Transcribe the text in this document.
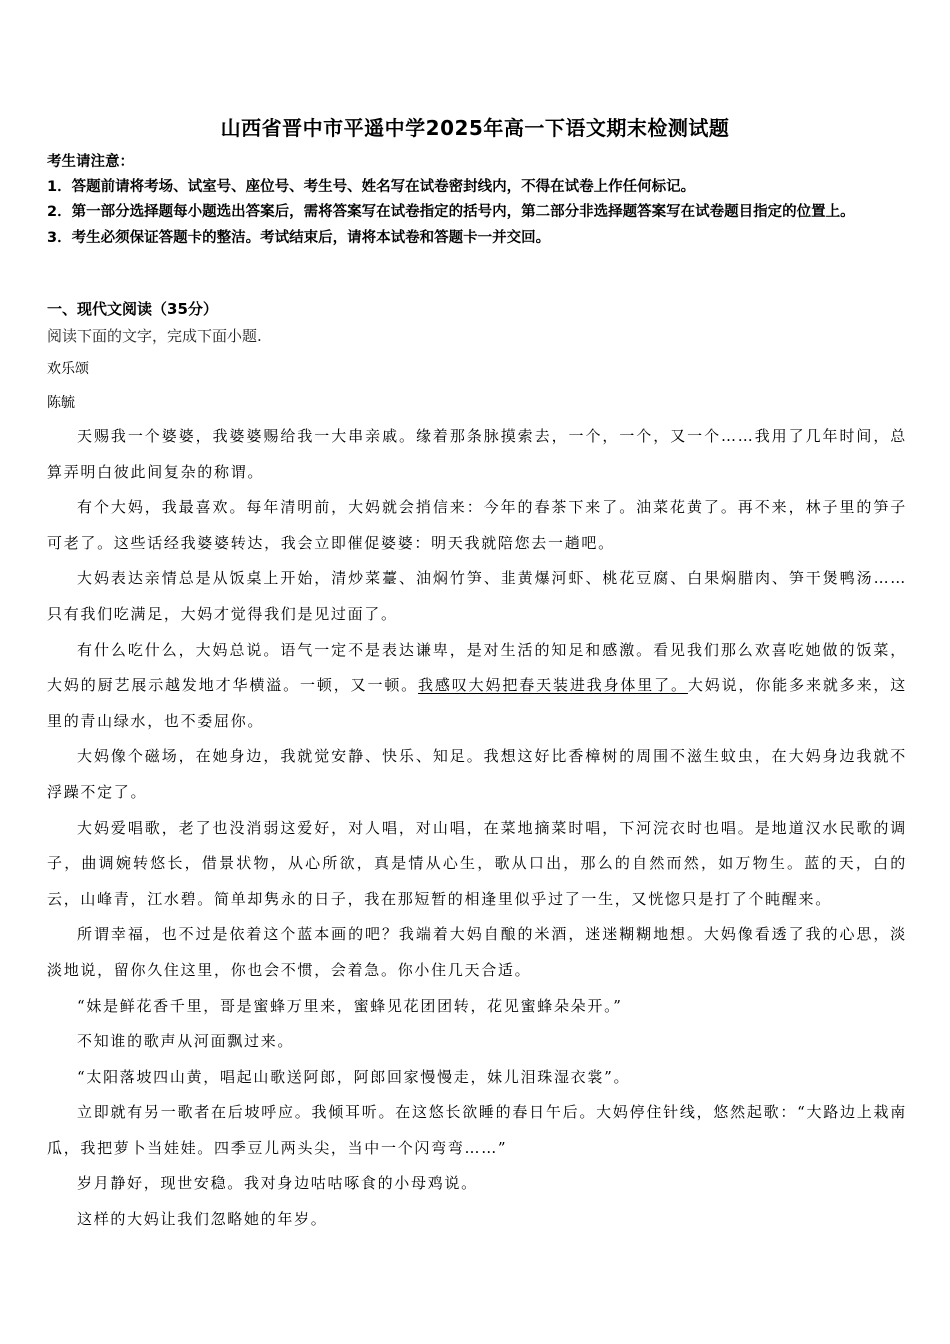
山西省晋中市平遥中学2025年高一下语文期末检测试题
考生请注意：
1．答题前请将考场、试室号、座位号、考生号、姓名写在试卷密封线内，不得在试卷上作任何标记。
2．第一部分选择题每小题选出答案后，需将答案写在试卷指定的括号内，第二部分非选择题答案写在试卷题目指定的位置上。
3．考生必须保证答题卡的整洁。考试结束后，请将本试卷和答题卡一并交回。
一、现代文阅读（35分）
阅读下面的文字，完成下面小题.
欢乐颂
陈毓

天赐我一个婆婆，我婆婆赐给我一大串亲戚。缘着那条脉摸索去，一个，一个，又一个……我用了几年时间，总算弄明白彼此间复杂的称谓。

有个大妈，我最喜欢。每年清明前，大妈就会捎信来：今年的春茶下来了。油菜花黄了。再不来，林子里的笋子可老了。这些话经我婆婆转达，我会立即催促婆婆：明天我就陪您去一趟吧。

大妈表达亲情总是从饭桌上开始，清炒菜薹、油焖竹笋、韭黄爆河虾、桃花豆腐、白果焖腊肉、笋干煲鸭汤……只有我们吃满足，大妈才觉得我们是见过面了。

有什么吃什么，大妈总说。语气一定不是表达谦卑，是对生活的知足和感激。看见我们那么欢喜吃她做的饭菜，大妈的厨艺展示越发地才华横溢。一顿，又一顿。我感叹大妈把春天装进我身体里了。大妈说，你能多来就多来，这里的青山绿水，也不委屈你。

大妈像个磁场，在她身边，我就觉安静、快乐、知足。我想这好比香樟树的周围不滋生蚊虫，在大妈身边我就不浮躁不定了。

大妈爱唱歌，老了也没消弱这爱好，对人唱，对山唱，在菜地摘菜时唱，下河浣衣时也唱。是地道汉水民歌的调子，曲调婉转悠长，借景状物，从心所欲，真是情从心生，歌从口出，那么的自然而然，如万物生。蓝的天，白的云，山峰青，江水碧。简单却隽永的日子，我在那短暂的相逢里似乎过了一生，又恍惚只是打了个盹醒来。

所谓幸福，也不过是依着这个蓝本画的吧？我端着大妈自酿的米酒，迷迷糊糊地想。大妈像看透了我的心思，淡淡地说，留你久住这里，你也会不惯，会着急。你小住几天合适。

“妹是鲜花香千里，哥是蜜蜂万里来，蜜蜂见花团团转，花见蜜蜂朵朵开。”

不知谁的歌声从河面飘过来。

“太阳落坡四山黄，唱起山歌送阿郎，阿郎回家慢慢走，妹儿泪珠湿衣裳”。

立即就有另一歌者在后坡呼应。我倾耳听。在这悠长欲睡的春日午后。大妈停住针线，悠然起歌：“大路边上栽南瓜，我把萝卜当娃娃。四季豆儿两头尖，当中一个闪弯弯……”

岁月静好，现世安稳。我对身边咕咕啄食的小母鸡说。

这样的大妈让我们忽略她的年岁。
